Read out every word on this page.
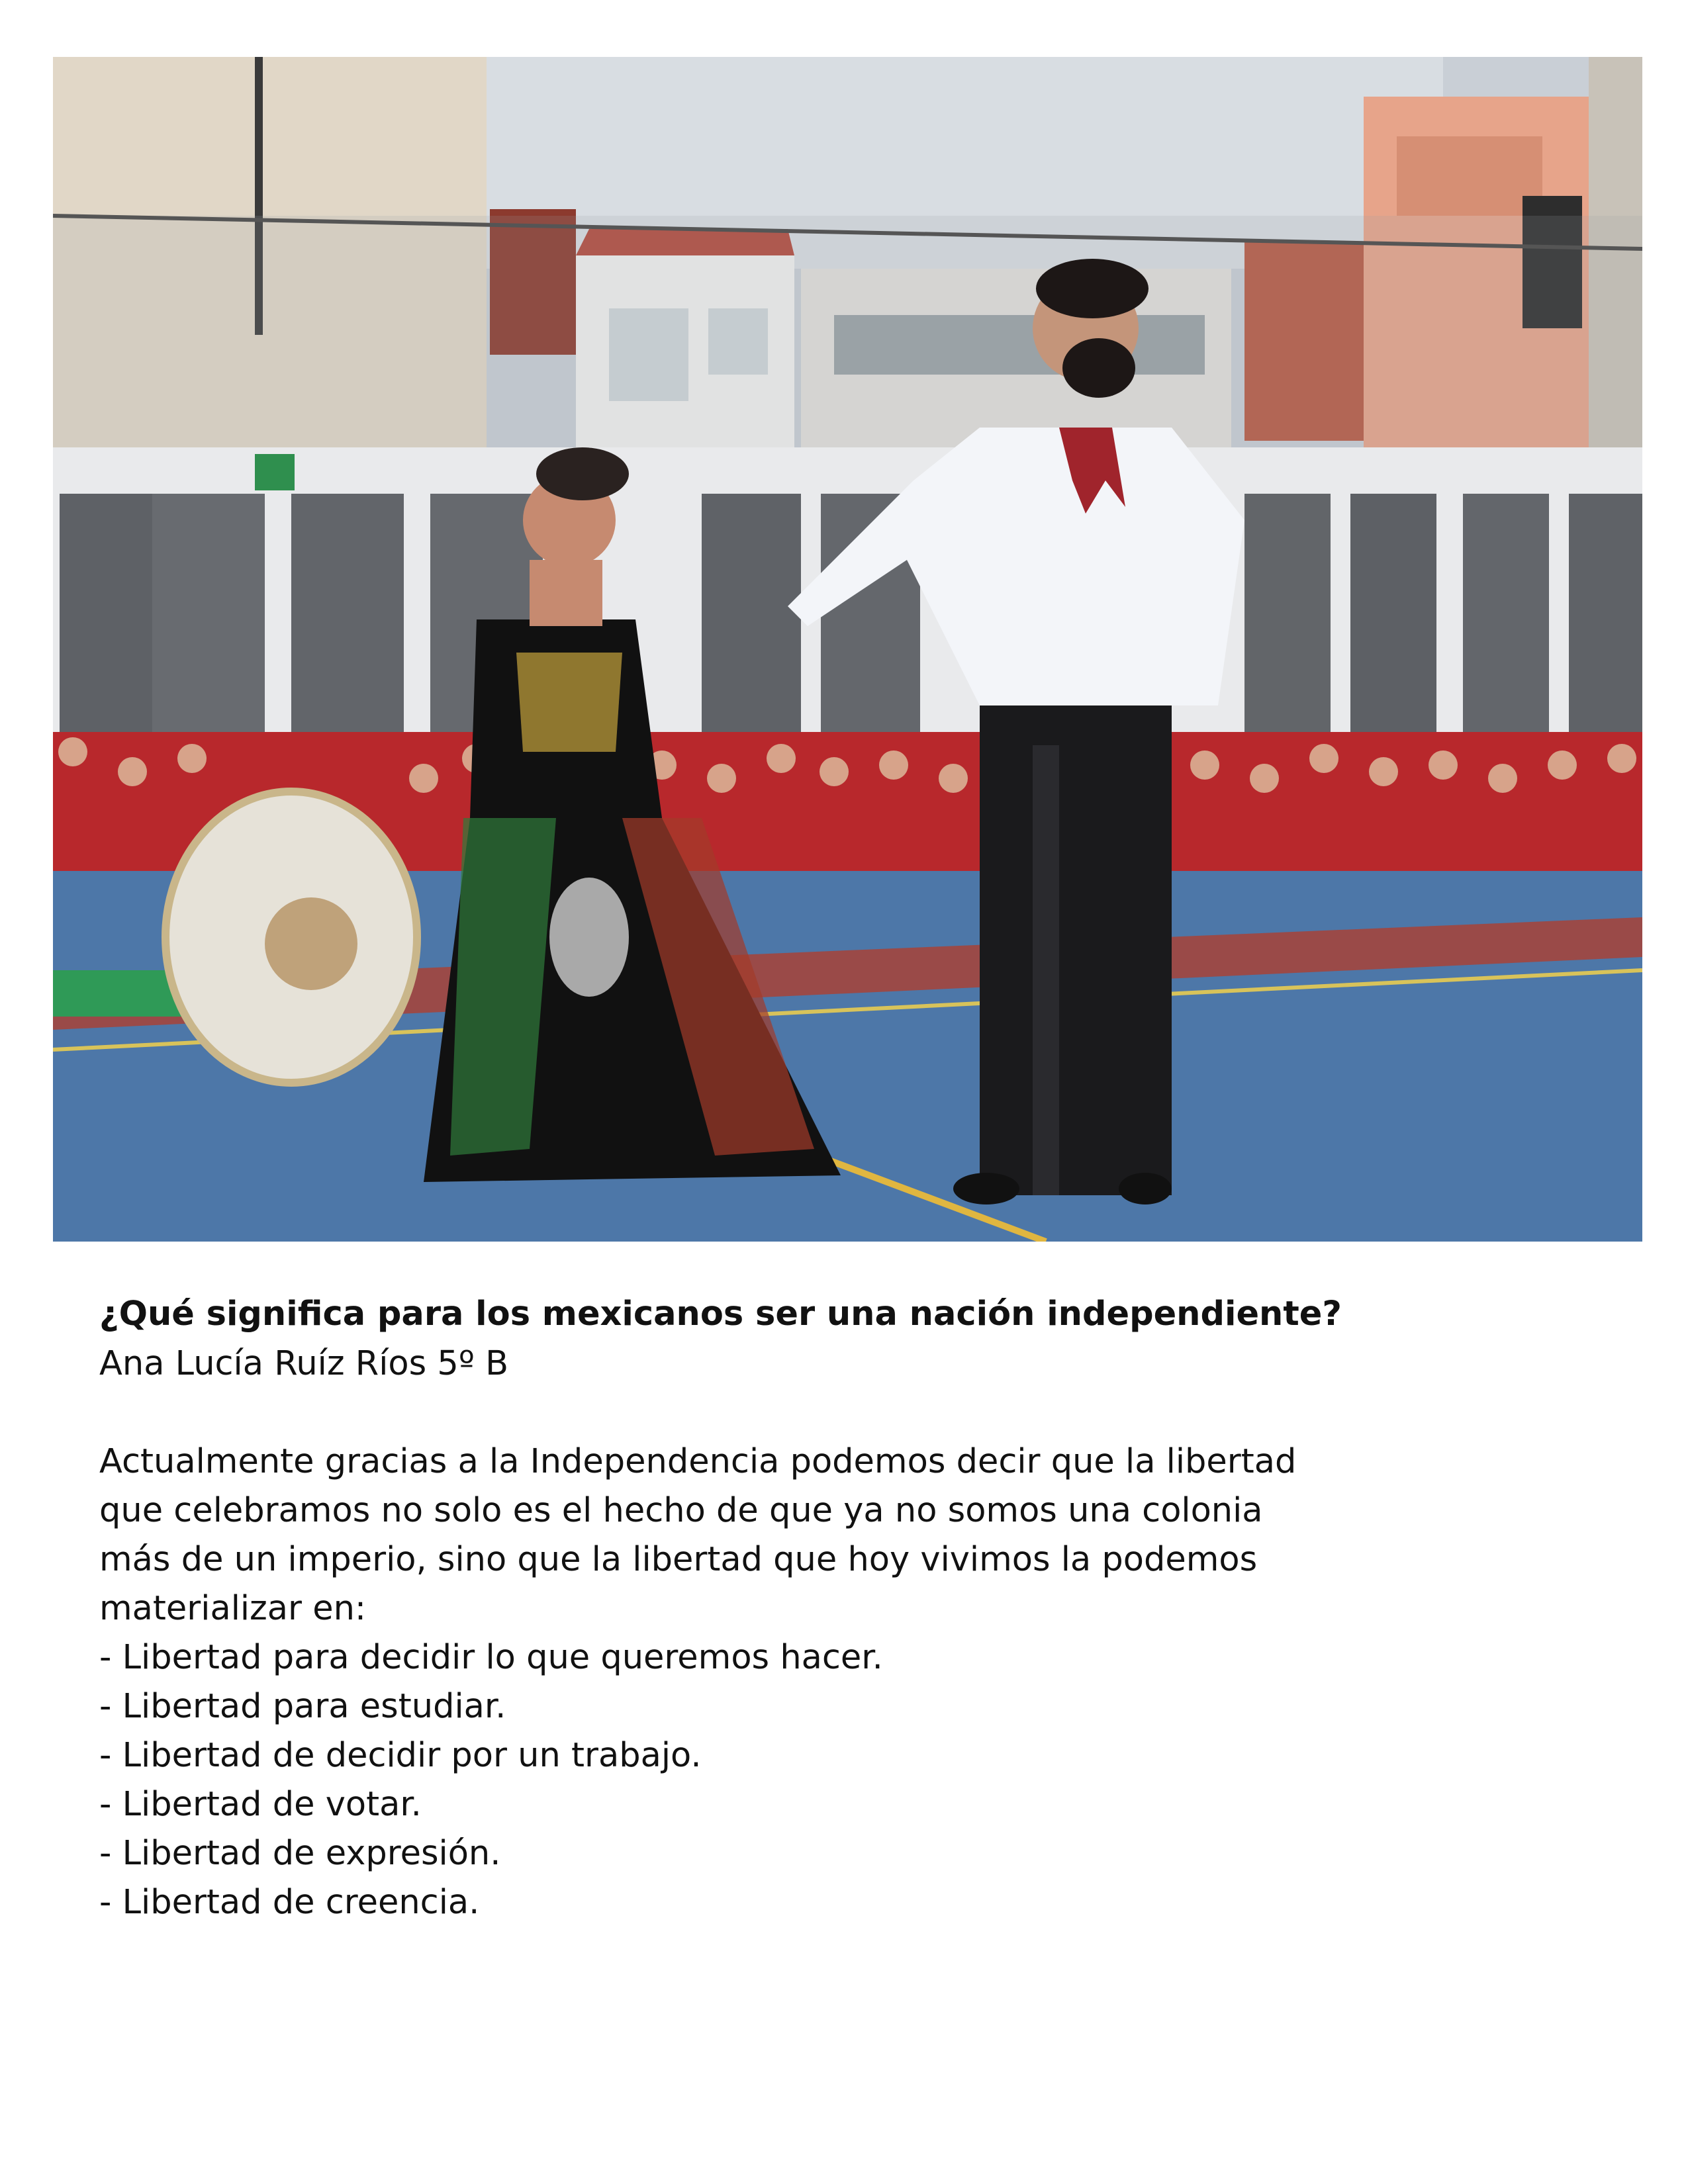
¿Qué significa para los mexicanos ser una nación independiente?

Ana Lucía Ruíz Ríos 5º B

Actualmente gracias a la Independencia podemos decir que la libertad
que celebramos no solo es el hecho de que ya no somos una colonia
más de un imperio, sino que la libertad que hoy vivimos la podemos
materializar en:
- Libertad para decidir lo que queremos hacer.
- Libertad para estudiar.
- Libertad de decidir por un trabajo.
- Libertad de votar.
- Libertad de expresión.
- Libertad de creencia.
